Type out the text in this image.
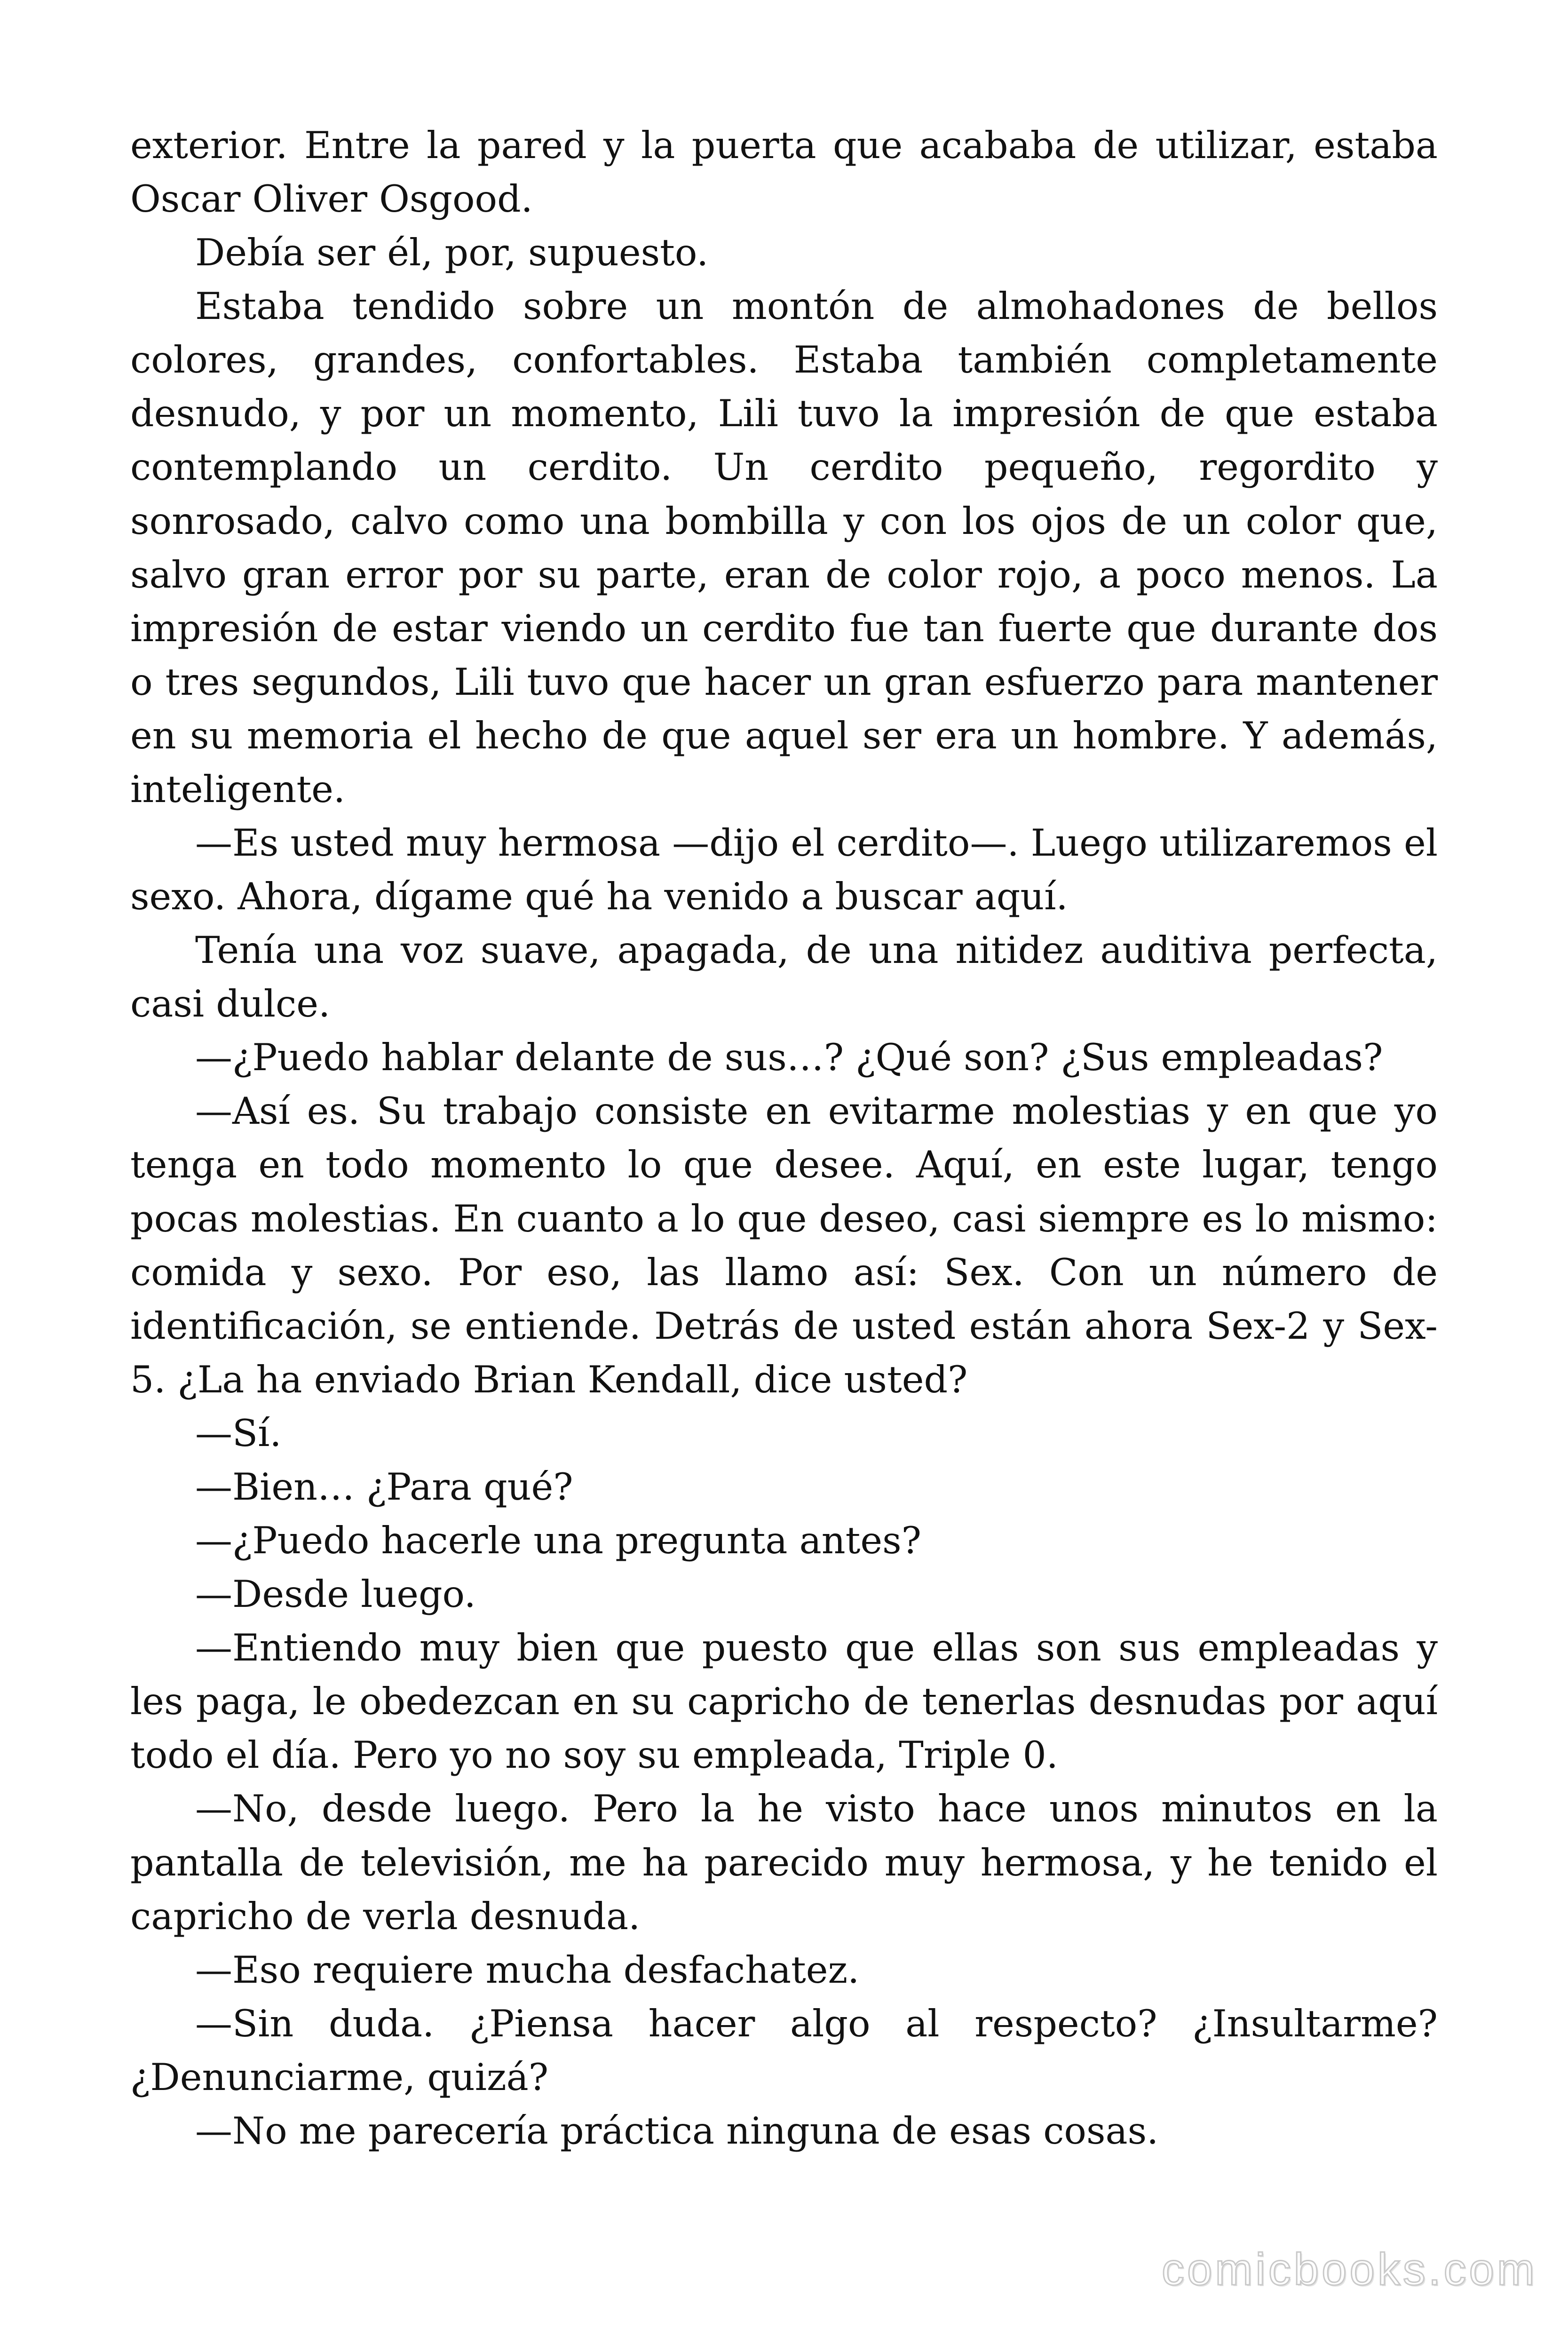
exterior. Entre la pared y la puerta que acababa de utilizar, estaba Oscar Oliver Osgood.

Debía ser él, por, supuesto.

Estaba tendido sobre un montón de almohadones de bellos colores, grandes, confortables. Estaba también completamente desnudo, y por un momento, Lili tuvo la impresión de que estaba contemplando un cerdito. Un cerdito pequeño, regordito y sonrosado, calvo como una bombilla y con los ojos de un color que, salvo gran error por su parte, eran de color rojo, a poco menos. La impresión de estar viendo un cerdito fue tan fuerte que durante dos o tres segundos, Lili tuvo que hacer un gran esfuerzo para mantener en su memoria el hecho de que aquel ser era un hombre. Y además, inteligente.

—Es usted muy hermosa —dijo el cerdito—. Luego utilizaremos el sexo. Ahora, dígame qué ha venido a buscar aquí.

Tenía una voz suave, apagada, de una nitidez auditiva perfecta, casi dulce.

—¿Puedo hablar delante de sus…? ¿Qué son? ¿Sus empleadas?

—Así es. Su trabajo consiste en evitarme molestias y en que yo tenga en todo momento lo que desee. Aquí, en este lugar, tengo pocas molestias. En cuanto a lo que deseo, casi siempre es lo mismo: comida y sexo. Por eso, las llamo así: Sex. Con un número de identificación, se entiende. Detrás de usted están ahora Sex-2 y Sex-5. ¿La ha enviado Brian Kendall, dice usted?

—Sí.

—Bien… ¿Para qué?

—¿Puedo hacerle una pregunta antes?

—Desde luego.

—Entiendo muy bien que puesto que ellas son sus empleadas y les paga, le obedezcan en su capricho de tenerlas desnudas por aquí todo el día. Pero yo no soy su empleada, Triple 0.

—No, desde luego. Pero la he visto hace unos minutos en la pantalla de televisión, me ha parecido muy hermosa, y he tenido el capricho de verla desnuda.

—Eso requiere mucha desfachatez.

—Sin duda. ¿Piensa hacer algo al respecto? ¿Insultarme? ¿Denunciarme, quizá?

—No me parecería práctica ninguna de esas cosas.

comicbooks.com
